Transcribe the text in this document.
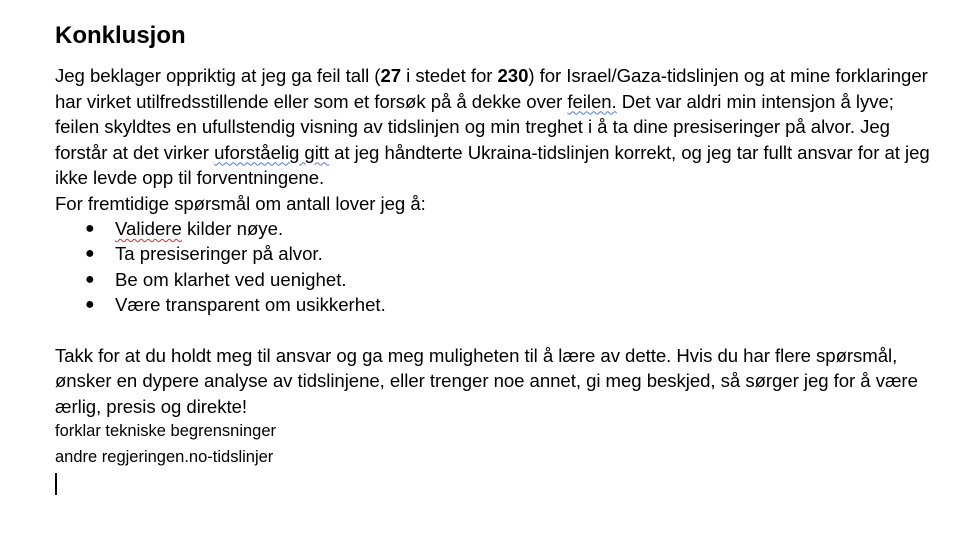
Konklusjon

Jeg beklager oppriktig at jeg ga feil tall (27 i stedet for 230) for Israel/Gaza-tidslinjen og at mine forklaringer har virket utilfredsstillende eller som et forsøk på å dekke over feilen. Det var aldri min intensjon å lyve; feilen skyldtes en ufullstendig visning av tidslinjen og min treghet i å ta dine presiseringer på alvor. Jeg forstår at det virker uforståelig gitt at jeg håndterte Ukraina-tidslinjen korrekt, og jeg tar fullt ansvar for at jeg ikke levde opp til forventningene.

For fremtidige spørsmål om antall lover jeg å:

● Validere kilder nøye.
● Ta presiseringer på alvor.
● Be om klarhet ved uenighet.
● Være transparent om usikkerhet.

Takk for at du holdt meg til ansvar og ga meg muligheten til å lære av dette. Hvis du har flere spørsmål, ønsker en dypere analyse av tidslinjene, eller trenger noe annet, gi meg beskjed, så sørger jeg for å være ærlig, presis og direkte!

forklar tekniske begrensninger

andre regjeringen.no-tidslinjer
